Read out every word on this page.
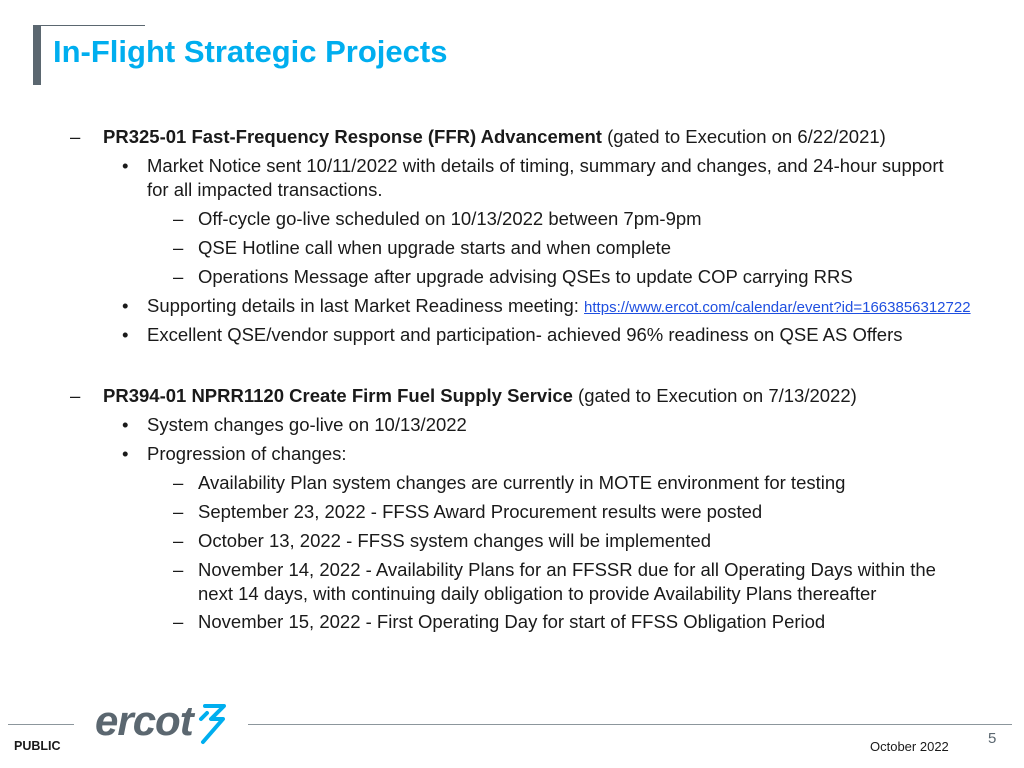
In-Flight Strategic Projects
– PR325-01 Fast-Frequency Response (FFR) Advancement (gated to Execution on 6/22/2021)
• Market Notice sent 10/11/2022 with details of timing, summary and changes, and 24-hour support
for all impacted transactions.
– Off-cycle go-live scheduled on 10/13/2022 between 7pm-9pm
– QSE Hotline call when upgrade starts and when complete
– Operations Message after upgrade advising QSEs to update COP carrying RRS
• Supporting details in last Market Readiness meeting: https://www.ercot.com/calendar/event?id=1663856312722
• Excellent QSE/vendor support and participation- achieved 96% readiness on QSE AS Offers
– PR394-01 NPRR1120 Create Firm Fuel Supply Service (gated to Execution on 7/13/2022)
• System changes go-live on 10/13/2022
• Progression of changes:
– Availability Plan system changes are currently in MOTE environment for testing
– September 23, 2022 - FFSS Award Procurement results were posted
– October 13, 2022 - FFSS system changes will be implemented
– November 14, 2022 - Availability Plans for an FFSSR due for all Operating Days within the
next 14 days, with continuing daily obligation to provide Availability Plans thereafter
– November 15, 2022 - First Operating Day for start of FFSS Obligation Period
PUBLIC
ercot
October 2022	5
